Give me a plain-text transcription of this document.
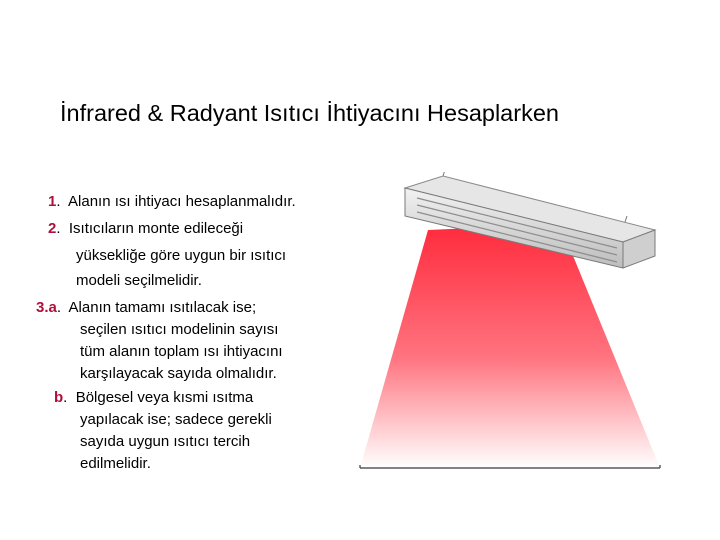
İnfrared & Radyant Isıtıcı İhtiyacını Hesaplarken
1. Alanın ısı ihtiyacı hesaplanmalıdır.
2. Isıtıcıların monte edileceği
yüksekliğe göre uygun bir ısıtıcı
modeli seçilmelidir.
3.a. Alanın tamamı ısıtılacak ise;
seçilen ısıtıcı modelinin sayısı
tüm alanın toplam ısı ihtiyacını
karşılayacak sayıda olmalıdır.
b. Bölgesel veya kısmi ısıtma
yapılacak ise; sadece gerekli
sayıda uygun ısıtıcı tercih
edilmelidir.
